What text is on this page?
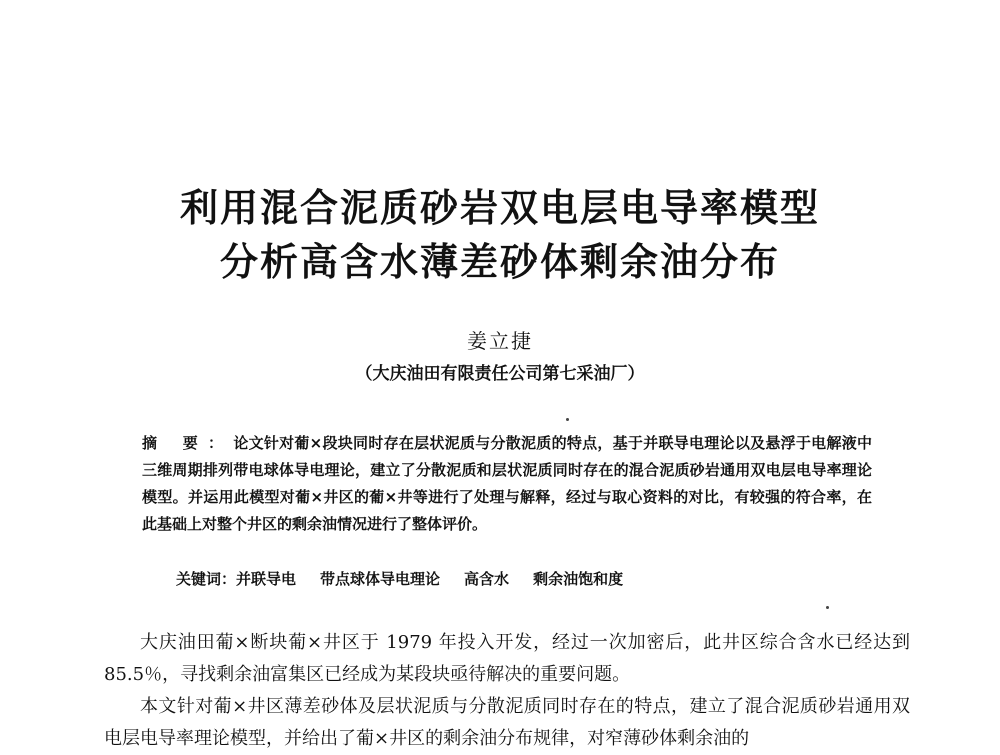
利用混合泥质砂岩双电层电导率模型
分析高含水薄差砂体剩余油分布
姜立捷
（大庆油田有限责任公司第七采油厂）
摘 要：论文针对葡×段块同时存在层状泥质与分散泥质的特点，基于并联导电理论以及悬浮于电解液中三维周期排列带电球体导电理论，建立了分散泥质和层状泥质同时存在的混合泥质砂岩通用双电层电导率理论模型。并运用此模型对葡×井区的葡×井等进行了处理与解释，经过与取心资料的对比，有较强的符合率，在此基础上对整个井区的剩余油情况进行了整体评价。
关键词：并联导电 带点球体导电理论 高含水 剩余油饱和度

大庆油田葡×断块葡×井区于 1979 年投入开发，经过一次加密后，此井区综合含水已经达到 85.5％，寻找剩余油富集区已经成为某段块亟待解决的重要问题。

本文针对葡×井区薄差砂体及层状泥质与分散泥质同时存在的特点，建立了混合泥质砂岩通用双电层电导率理论模型，并给出了葡×井区的剩余油分布规律，对窄薄砂体剩余油的
